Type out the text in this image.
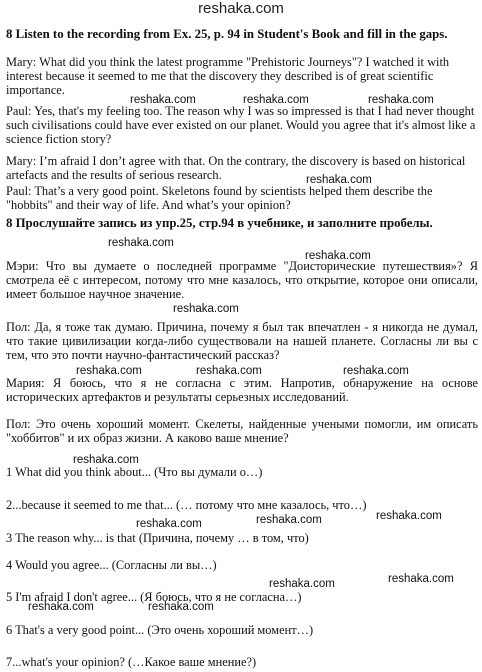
reshaka.com
8 Listen to the recording from Ex. 25, p. 94 in Student's Book and fill in the gaps.
Mary: What did you think the latest programme "Prehistoric Journeys"? I watched it with interest because it seemed to me that the discovery they described is of great scientific importance.
Paul: Yes, that's my feeling too. The reason why I was so impressed is that I had never thought such civilisations could have ever existed on our planet. Would you agree that it's almost like a science fiction story?
Mary: I’m afraid I don’t agree with that. On the contrary, the discovery is based on historical artefacts and the results of serious research.
Paul: That’s a very good point. Skeletons found by scientists helped them describe the "hobbits" and their way of life. And what’s your opinion?
8 Прослушайте запись из упр.25, стр.94 в учебнике, и заполните пробелы.
Мэри: Что вы думаете о последней программе "Доисторические путешествия»? Я смотрела её с интересом, потому что мне казалось, что открытие, которое они описали, имеет большое научное значение.
Пол: Да, я тоже так думаю. Причина, почему я был так впечатлен - я никогда не думал, что такие цивилизации когда-либо существовали на нашей планете. Согласны ли вы с тем, что это почти научно-фантастический рассказ?
Мария: Я боюсь, что я не согласна с этим. Напротив, обнаружение на основе исторических артефактов и результаты серьезных исследований.
Пол: Это очень хороший момент. Скелеты, найденные учеными помогли, им описать "хоббитов" и их образ жизни. А каково ваше мнение?
1 What did you think about... (Что вы думали о…)
2...because it seemed to me that... (… потому что мне казалось, что…)
3 The reason why... is that (Причина, почему … в том, что)
4 Would you agree... (Согласны ли вы…)
5 I'm afraid I don't agree... (Я боюсь, что я не согласна…)
6 That's a very good point... (Это очень хороший момент…)
7...what's your opinion? (…Какое ваше мнение?)
reshaka.com	reshaka.com	reshaka.com
reshaka.com
reshaka.com
reshaka.com
reshaka.com
reshaka.com	reshaka.com	reshaka.com
reshaka.com
reshaka.com	reshaka.com	reshaka.com
reshaka.com
reshaka.com
reshaka.com	reshaka.com
